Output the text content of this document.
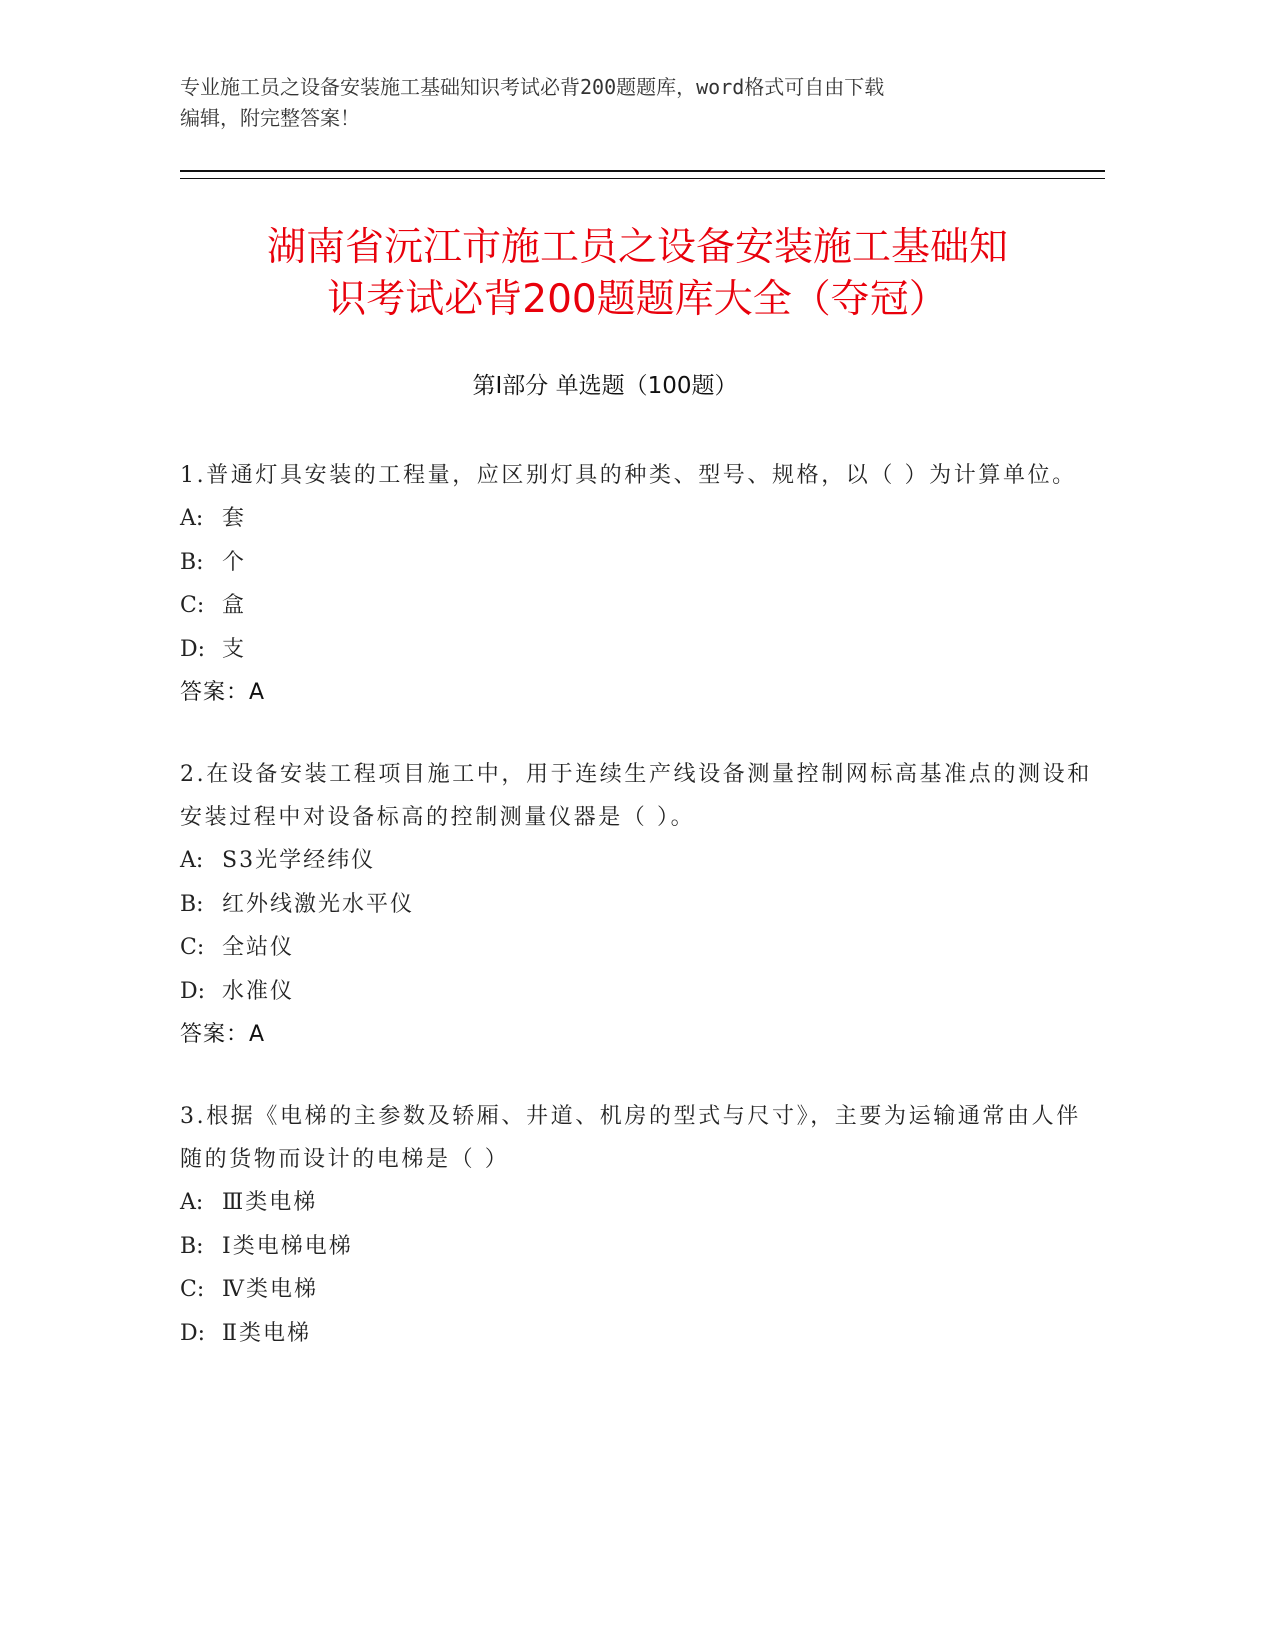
专业施工员之设备安装施工基础知识考试必背200题题库，word格式可自由下载
编辑，附完整答案！
湖南省沅江市施工员之设备安装施工基础知
识考试必背200题题库大全（夺冠）
第Ⅰ部分 单选题（100题）
1.普通灯具安装的工程量，应区别灯具的种类、型号、规格，以（ ）为计算单位。
A: 套
B: 个
C: 盒
D: 支
答案：A
2.在设备安装工程项目施工中，用于连续生产线设备测量控制网标高基准点的测设和安装过程中对设备标高的控制测量仪器是（ ）。
A: S3光学经纬仪
B: 红外线激光水平仪
C: 全站仪
D: 水准仪
答案：A
3.根据《电梯的主参数及轿厢、井道、机房的型式与尺寸》，主要为运输通常由人伴随的货物而设计的电梯是（ ）
A: Ⅲ类电梯
B: Ⅰ类电梯电梯
C: Ⅳ类电梯
D: Ⅱ类电梯
